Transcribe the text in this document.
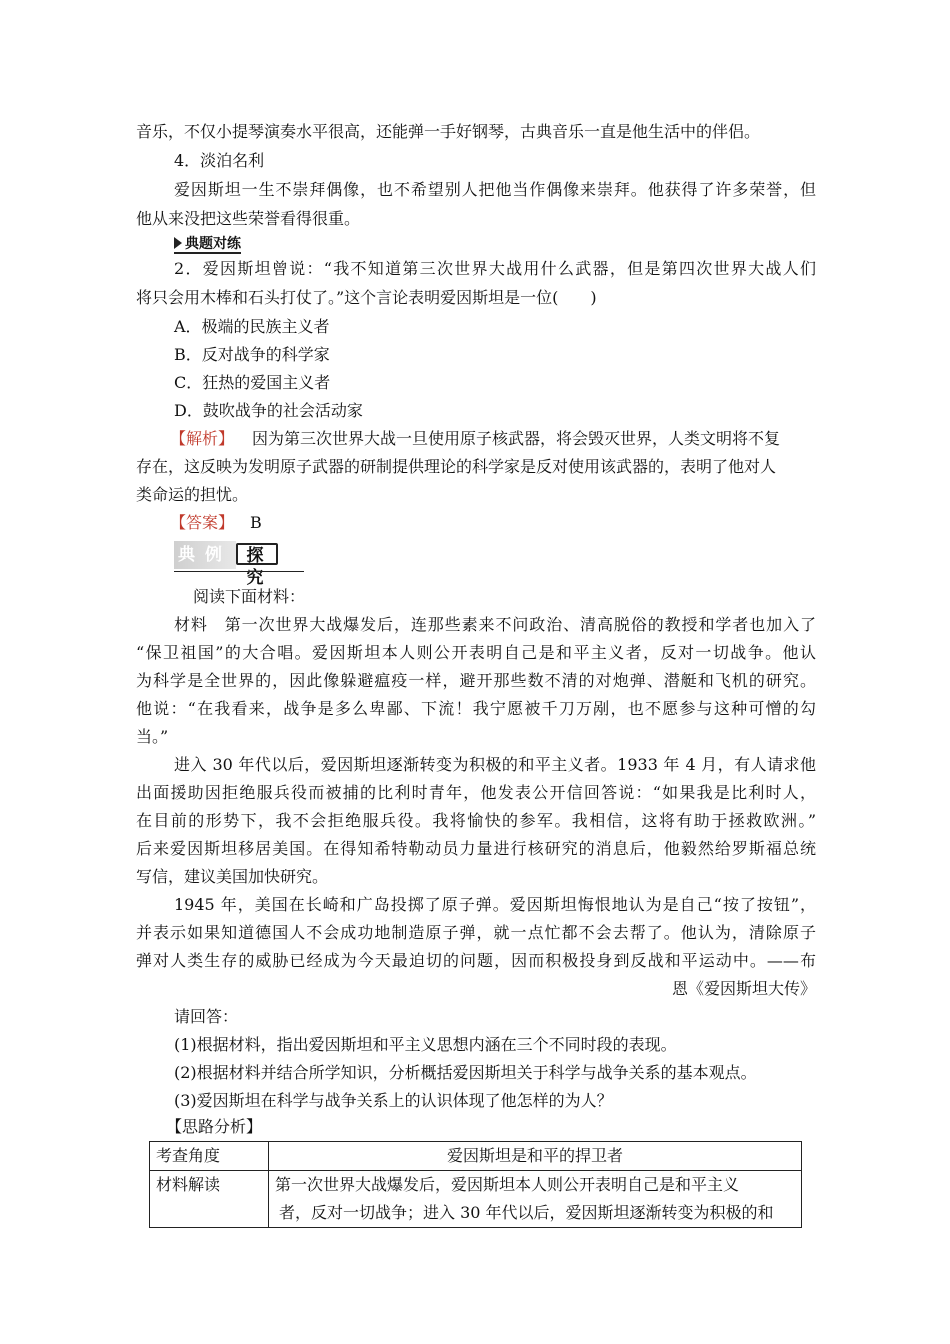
音乐，不仅小提琴演奏水平很高，还能弹一手好钢琴，古典音乐一直是他生活中的伴侣。

4．淡泊名利

爱因斯坦一生不崇拜偶像，也不希望别人把他当作偶像来崇拜。他获得了许多荣誉，但

他从来没把这些荣誉看得很重。

典题对练

2．爱因斯坦曾说：“我不知道第三次世界大战用什么武器，但是第四次世界大战人们

将只会用木棒和石头打仗了。”这个言论表明爱因斯坦是一位(　　)

A．极端的民族主义者

B．反对战争的科学家

C．狂热的爱国主义者

D．鼓吹战争的社会活动家

【解析】 因为第三次世界大战一旦使用原子核武器，将会毁灭世界，人类文明将不复

存在，这反映为发明原子武器的研制提供理论的科学家是反对使用该武器的，表明了他对人

类命运的担忧。

【答案】 B

典例 探究

阅读下面材料：

材料　第一次世界大战爆发后，连那些素来不问政治、清高脱俗的教授和学者也加入了

“保卫祖国”的大合唱。爱因斯坦本人则公开表明自己是和平主义者，反对一切战争。他认

为科学是全世界的，因此像躲避瘟疫一样，避开那些数不清的对炮弹、潜艇和飞机的研究。

他说：“在我看来，战争是多么卑鄙、下流！我宁愿被千刀万剐，也不愿参与这种可憎的勾

当。”

进入 30 年代以后，爱因斯坦逐渐转变为积极的和平主义者。1933 年 4 月，有人请求他

出面援助因拒绝服兵役而被捕的比利时青年，他发表公开信回答说：“如果我是比利时人，

在目前的形势下，我不会拒绝服兵役。我将愉快的参军。我相信，这将有助于拯救欧洲。”

后来爱因斯坦移居美国。在得知希特勒动员力量进行核研究的消息后，他毅然给罗斯福总统

写信，建议美国加快研究。

1945 年，美国在长崎和广岛投掷了原子弹。爱因斯坦悔恨地认为是自己“按了按钮”，

并表示如果知道德国人不会成功地制造原子弹，就一点忙都不会去帮了。他认为，清除原子

弹对人类生存的威胁已经成为今天最迫切的问题，因而积极投身到反战和平运动中。——布

恩《爱因斯坦大传》

请回答：

(1)根据材料，指出爱因斯坦和平主义思想内涵在三个不同时段的表现。

(2)根据材料并结合所学知识，分析概括爱因斯坦关于科学与战争关系的基本观点。

(3)爱因斯坦在科学与战争关系上的认识体现了他怎样的为人？

【思路分析】

考查角度	爱因斯坦是和平的捍卫者
材料解读	第一次世界大战爆发后，爱因斯坦本人则公开表明自己是和平主义
者，反对一切战争；进入 30 年代以后，爱因斯坦逐渐转变为积极的和
